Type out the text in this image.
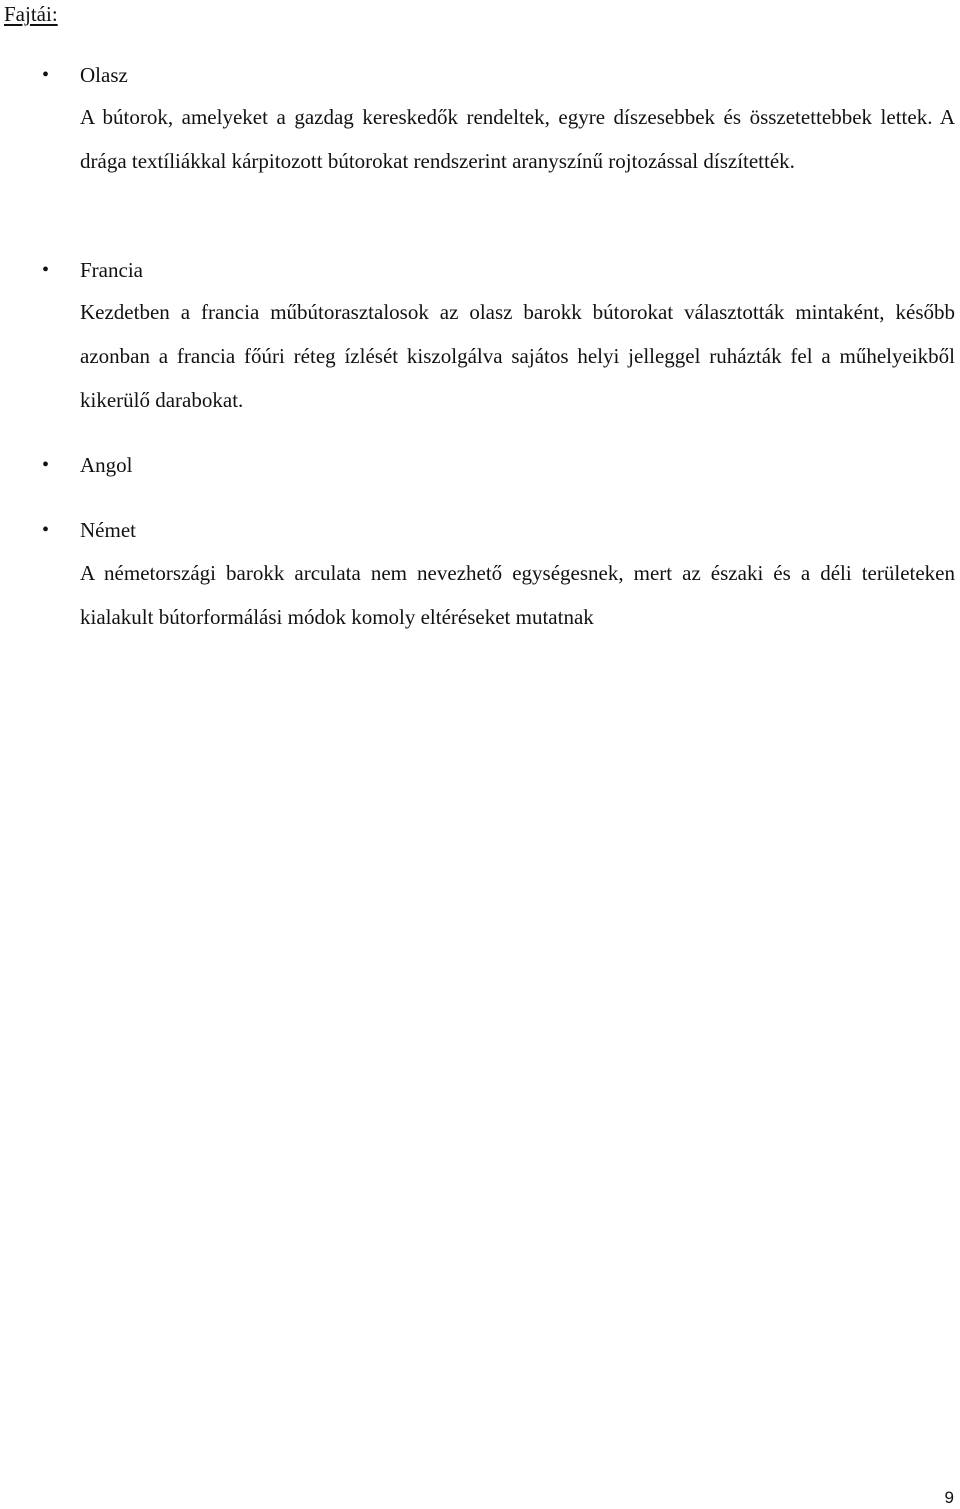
Fajtái:
• Olasz
A bútorok, amelyeket a gazdag kereskedők rendeltek, egyre díszesebbek és összetettebbek lettek. A drága textíliákkal kárpitozott bútorokat rendszerint aranyszínű rojtozással díszítették.
• Francia
Kezdetben a francia műbútorasztalosok az olasz barokk bútorokat választották mintaként, később azonban a francia főúri réteg ízlését kiszolgálva sajátos helyi jelleggel ruházták fel a műhelyeikből kikerülő darabokat.
• Angol
• Német
A németországi barokk arculata nem nevezhető egységesnek, mert az északi és a déli területeken kialakult bútorformálási módok komoly eltéréseket mutatnak
9
